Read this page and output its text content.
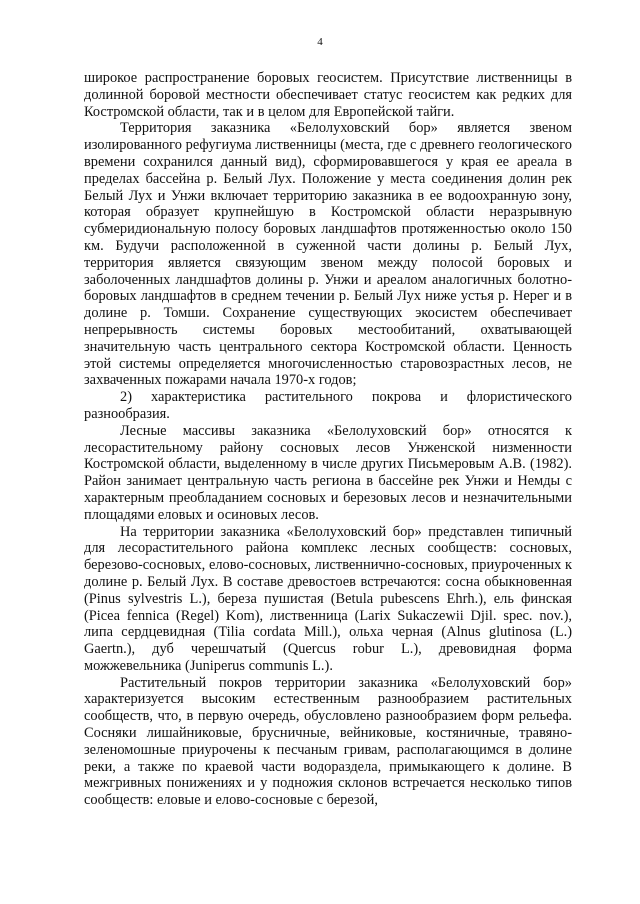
4

широкое распространение боровых геосистем. Присутствие лиственницы в долинной боровой местности обеспечивает статус геосистем как редких для Костромской области, так и в целом для Европейской тайги.

Территория заказника «Белолуховский бор» является звеном изолированного рефугиума лиственницы (места, где с древнего геологического времени сохранился данный вид), сформировавшегося у края ее ареала в пределах бассейна р. Белый Лух. Положение у места соединения долин рек Белый Лух и Унжи включает территорию заказника в ее водоохранную зону, которая образует крупнейшую в Костромской области неразрывную субмеридиональную полосу боровых ландшафтов протяженностью около 150 км. Будучи расположенной в суженной части долины р. Белый Лух, территория является связующим звеном между полосой боровых и заболоченных ландшафтов долины р. Унжи и ареалом аналогичных болотно-боровых ландшафтов в среднем течении р. Белый Лух ниже устья р. Нерег и в долине р. Томши. Сохранение существующих экосистем обеспечивает непрерывность системы боровых местообитаний, охватывающей значительную часть центрального сектора Костромской области. Ценность этой системы определяется многочисленностью старовозрастных лесов, не захваченных пожарами начала 1970-х годов;

2) характеристика растительного покрова и флористического разнообразия.

Лесные массивы заказника «Белолуховский бор» относятся к лесорастительному району сосновых лесов Унженской низменности Костромской области, выделенному в числе других Письмеровым А.В. (1982). Район занимает центральную часть региона в бассейне рек Унжи и Немды с характерным преобладанием сосновых и березовых лесов и незначительными площадями еловых и осиновых лесов.

На территории заказника «Белолуховский бор» представлен типичный для лесорастительного района комплекс лесных сообществ: сосновых, березово-сосновых, елово-сосновых, лиственнично-сосновых, приуроченных к долине р. Белый Лух. В составе древостоев встречаются: сосна обыкновенная (Pinus sylvestris L.), береза пушистая (Betula pubescens Ehrh.), ель финская (Picea fennica (Regel) Kom), лиственница (Larix Sukaczewii Djil. spec. nov.), липа сердцевидная (Tilia cordata Mill.), ольха черная (Alnus glutinosa (L.) Gaertn.), дуб черешчатый (Quercus robur L.), древовидная форма можжевельника (Juniperus communis L.).

Растительный покров территории заказника «Белолуховский бор» характеризуется высоким естественным разнообразием растительных сообществ, что, в первую очередь, обусловлено разнообразием форм рельефа. Сосняки лишайниковые, брусничные, вейниковые, костяничные, травяно-зеленомошные приурочены к песчаным гривам, располагающимся в долине реки, а также по краевой части водораздела, примыкающего к долине. В межгривных понижениях и у подножия склонов встречается несколько типов сообществ: еловые и елово-сосновые с березой,
